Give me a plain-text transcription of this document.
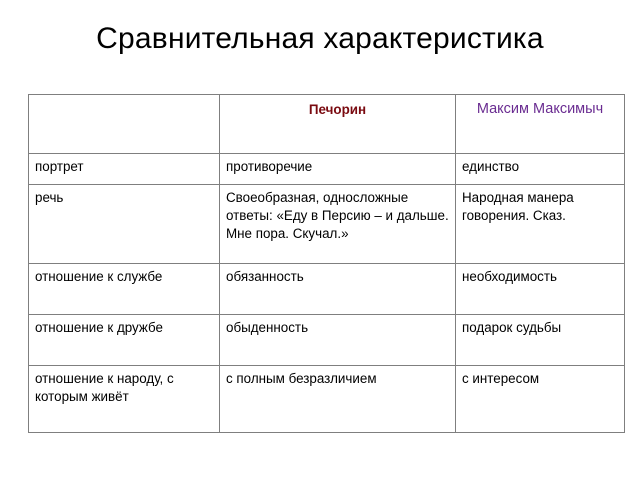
Сравнительная характеристика
	Печорин	Максим Максимыч
портрет	противоречие	единство
речь	Своеобразная, односложные ответы: «Еду в Персию – и дальше. Мне пора. Скучал.»	Народная манера говорения. Сказ.
отношение к службе	обязанность	необходимость
отношение к дружбе	обыденность	подарок судьбы
отношение к народу, с которым живёт	с полным безразличием	с интересом
